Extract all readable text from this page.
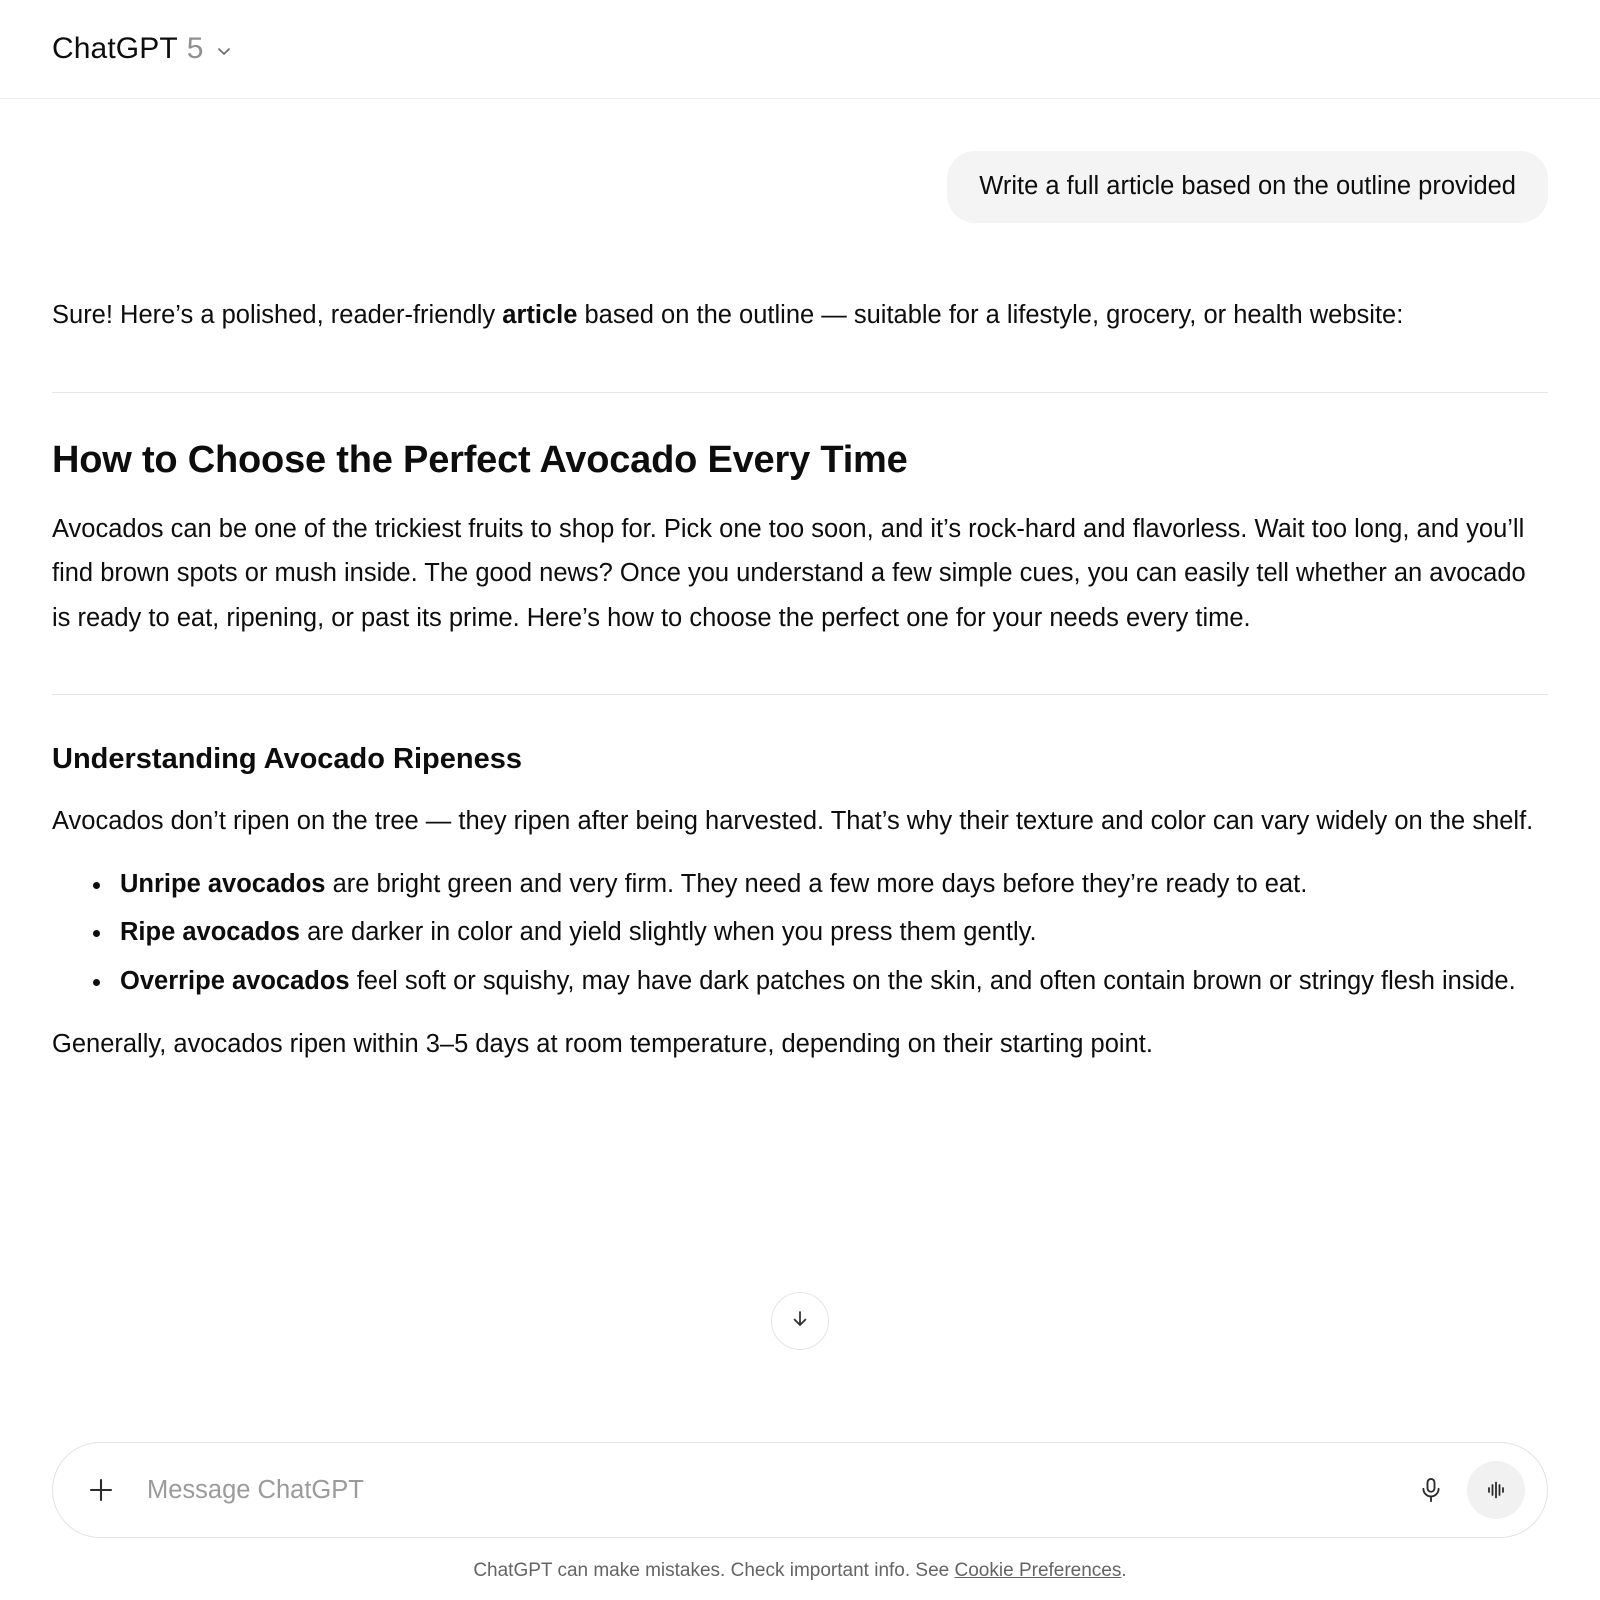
ChatGPT 5
Write a full article based on the outline provided

Sure! Here’s a polished, reader-friendly article based on the outline — suitable for a lifestyle, grocery, or health website:

How to Choose the Perfect Avocado Every Time

Avocados can be one of the trickiest fruits to shop for. Pick one too soon, and it’s rock-hard and flavorless. Wait too long, and you’ll find brown spots or mush inside. The good news? Once you understand a few simple cues, you can easily tell whether an avocado is ready to eat, ripening, or past its prime. Here’s how to choose the perfect one for your needs every time.

Understanding Avocado Ripeness

Avocados don’t ripen on the tree — they ripen after being harvested. That’s why their texture and color can vary widely on the shelf.

• Unripe avocados are bright green and very firm. They need a few more days before they’re ready to eat.
• Ripe avocados are darker in color and yield slightly when you press them gently.
• Overripe avocados feel soft or squishy, may have dark patches on the skin, and often contain brown or stringy flesh inside.

Generally, avocados ripen within 3–5 days at room temperature, depending on their starting point.

Message ChatGPT
ChatGPT can make mistakes. Check important info. See Cookie Preferences.
